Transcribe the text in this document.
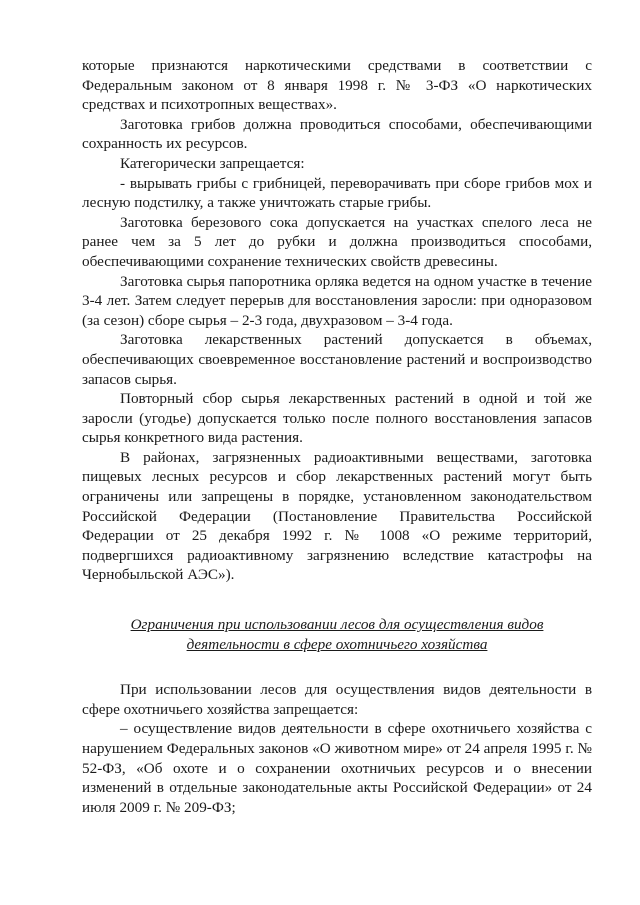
которые признаются наркотическими средствами в соответствии с Федеральным законом от 8 января 1998 г. № 3-ФЗ «О наркотических средствах и психотропных веществах».

Заготовка грибов должна проводиться способами, обеспечивающими сохранность их ресурсов.

Категорически запрещается:

- вырывать грибы с грибницей, переворачивать при сборе грибов мох и лесную подстилку, а также уничтожать старые грибы.

Заготовка березового сока допускается на участках спелого леса не ранее чем за 5 лет до рубки и должна производиться способами, обеспечивающими сохранение технических свойств древесины.

Заготовка сырья папоротника орляка ведется на одном участке в течение 3-4 лет. Затем следует перерыв для восстановления заросли: при одноразовом (за сезон) сборе сырья – 2-3 года, двухразовом – 3-4 года.

Заготовка лекарственных растений допускается в объемах, обеспечивающих своевременное восстановление растений и воспроизводство запасов сырья.

Повторный сбор сырья лекарственных растений в одной и той же заросли (угодье) допускается только после полного восстановления запасов сырья конкретного вида растения.

В районах, загрязненных радиоактивными веществами, заготовка пищевых лесных ресурсов и сбор лекарственных растений могут быть ограничены или запрещены в порядке, установленном законодательством Российской Федерации (Постановление Правительства Российской Федерации от 25 декабря 1992 г. № 1008 «О режиме территорий, подвергшихся радиоактивному загрязнению вследствие катастрофы на Чернобыльской АЭС»).

Ограничения при использовании лесов для осуществления видов
деятельности в сфере охотничьего хозяйства

При использовании лесов для осуществления видов деятельности в сфере охотничьего хозяйства запрещается:

– осуществление видов деятельности в сфере охотничьего хозяйства с нарушением Федеральных законов «О животном мире» от 24 апреля 1995 г. № 52-ФЗ, «Об охоте и о сохранении охотничьих ресурсов и о внесении изменений в отдельные законодательные акты Российской Федерации» от 24 июля 2009 г. № 209-ФЗ;
